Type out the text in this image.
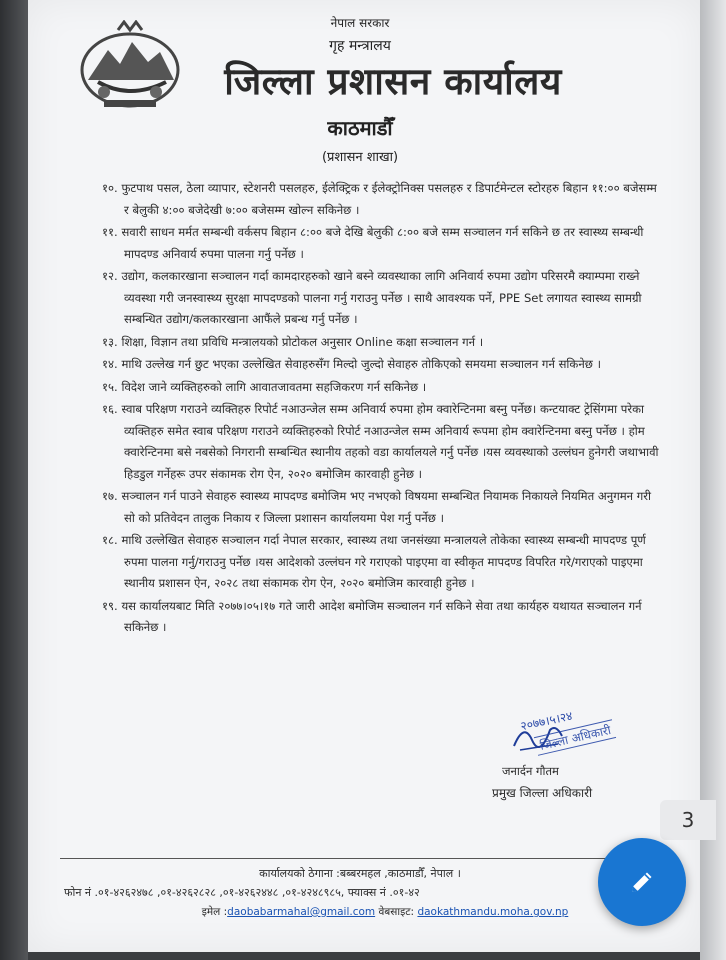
नेपाल सरकार
गृह मन्त्रालय
जिल्ला प्रशासन कार्यालय
काठमाडौँ
(प्रशासन शाखा)
१०. फुटपाथ पसल, ठेला व्यापार, स्टेशनरी पसलहरु, ईलेक्ट्रिक र ईलेक्ट्रोनिक्स पसलहरु र डिपार्टमेन्टल स्टोरहरु बिहान ११:०० बजेसम्म र बेलुकी ४:०० बजेदेखी ७:०० बजेसम्म खोल्न सकिनेछ ।
११. सवारी साधन मर्मत सम्बन्धी वर्कसप बिहान ८:०० बजे देखि बेलुकी ८:०० बजे सम्म सञ्चालन गर्न सकिने छ तर स्वास्थ्य सम्बन्धी मापदण्ड अनिवार्य रुपमा पालना गर्नु पर्नेछ ।
१२. उद्योग, कलकारखाना सञ्चालन गर्दा कामदारहरुको खाने बस्ने व्यवस्थाका लागि अनिवार्य रुपमा उद्योग परिसरमै क्याम्पमा राख्ने व्यवस्था गरी जनस्वास्थ्य सुरक्षा मापदण्डको पालना गर्नु गराउनु पर्नेछ । साथै आवश्यक पर्ने, PPE Set लगायत स्वास्थ्य सामग्री सम्बन्धित उद्योग/कलकारखाना आफैंले प्रबन्ध गर्नु पर्नेछ ।
१३. शिक्षा, विज्ञान तथा प्रविधि मन्त्रालयको प्रोटोकल अनुसार Online कक्षा सञ्चालन गर्न ।
१४. माथि उल्लेख गर्न छुट भएका उल्लेखित सेवाहरुसँग मिल्दो जुल्दो सेवाहरु तोकिएको समयमा सञ्चालन गर्न सकिनेछ ।
१५. विदेश जाने व्यक्तिहरुको लागि आवातजावतमा सहजिकरण गर्न सकिनेछ ।
१६. स्वाब परिक्षण गराउने व्यक्तिहरु रिपोर्ट नआउन्जेल सम्म अनिवार्य रुपमा होम क्वारेन्टिनमा बस्नु पर्नेछ। कन्टयाक्ट ट्रेसिंगमा परेका व्यक्तिहरु समेत स्वाब परिक्षण गराउने व्यक्तिहरुको रिपोर्ट नआउन्जेल सम्म अनिवार्य रूपमा होम क्वारेन्टिनमा बस्नु पर्नेछ । होम क्वारेन्टिनमा बसे नबसेको निगरानी सम्बन्धित स्थानीय तहको वडा कार्यालयले गर्नु पर्नेछ ।यस व्यवस्थाको उल्लंघन हुनेगरी जथाभावी हिडडुल गर्नेहरू उपर संकामक रोग ऐन, २०२० बमोजिम कारवाही हुनेछ ।
१७. सञ्चालन गर्न पाउने सेवाहरु स्वास्थ्य मापदण्ड बमोजिम भए नभएको विषयमा सम्बन्धित नियामक निकायले नियमित अनुगमन गरी सो को प्रतिवेदन तालुक निकाय र जिल्ला प्रशासन कार्यालयमा पेश गर्नु पर्नेछ ।
१८. माथि उल्लेखित सेवाहरु सञ्चालन गर्दा नेपाल सरकार, स्वास्थ्य तथा जनसंख्या मन्त्रालयले तोकेका स्वास्थ्य सम्बन्धी मापदण्ड पूर्ण रुपमा पालना गर्नु/गराउनु पर्नेछ ।यस आदेशको उल्लंघन गरे गराएको पाइएमा वा स्वीकृत मापदण्ड विपरित गरे/गराएको पाइएमा स्थानीय प्रशासन ऐन, २०२८ तथा संकामक रोग ऐन, २०२० बमोजिम कारवाही हुनेछ ।
१९. यस कार्यालयबाट मिति २०७७।०५।१७ गते जारी आदेश बमोजिम सञ्चालन गर्न सकिने सेवा तथा कार्यहरु यथायत सञ्चालन गर्न सकिनेछ ।
२०७७।५।२४
जिल्ला अधिकारी
जनार्दन गौतम
प्रमुख जिल्ला अधिकारी
कार्यालयको ठेगाना :बब्बरमहल ,काठमाडौँ, नेपाल ।
फोन नं .०१-४२६२४७८ ,०१-४२६२८२८ ,०१-४२६२४४८ ,०१-४२४८९८५, फ्याक्स नं .०१-४२
इमेल :daobabarmahal@gmail.com वेबसाइट: daokathmandu.moha.gov.np
3
